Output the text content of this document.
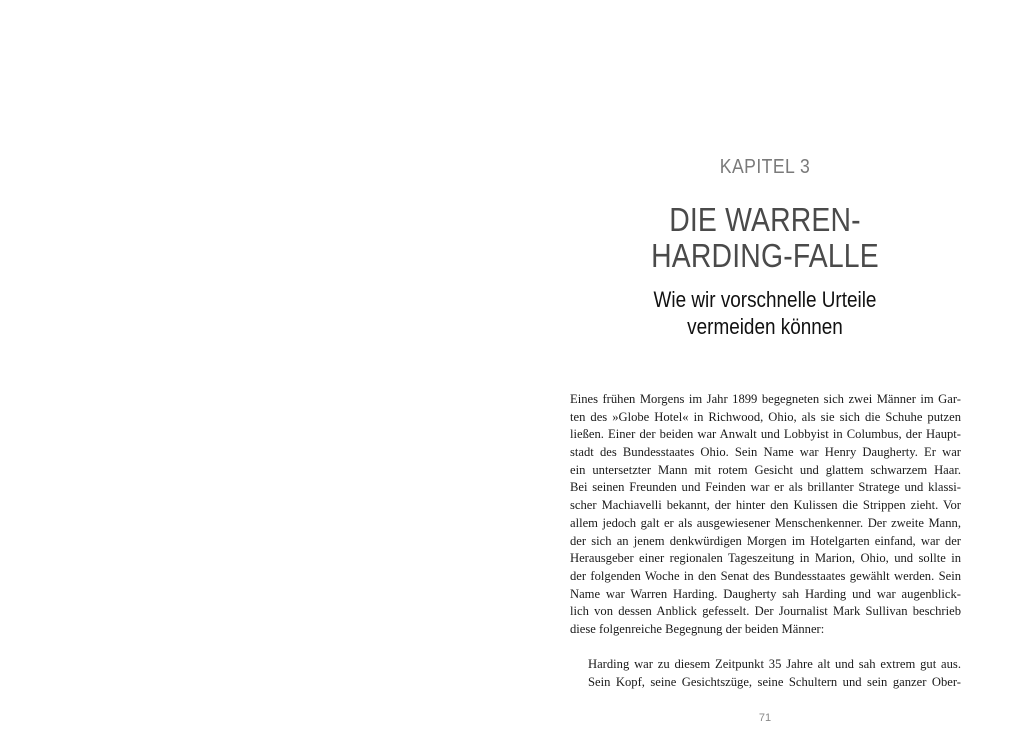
KAPITEL 3
DIE WARREN-
HARDING-FALLE
Wie wir vorschnelle Urteile
vermeiden können
Eines frühen Morgens im Jahr 1899 begegneten sich zwei Männer im Gar-
ten des »Globe Hotel« in Richwood, Ohio, als sie sich die Schuhe putzen
ließen. Einer der beiden war Anwalt und Lobbyist in Columbus, der Haupt-
stadt des Bundesstaates Ohio. Sein Name war Henry Daugherty. Er war
ein untersetzter Mann mit rotem Gesicht und glattem schwarzem Haar.
Bei seinen Freunden und Feinden war er als brillanter Stratege und klassi-
scher Machiavelli bekannt, der hinter den Kulissen die Strippen zieht. Vor
allem jedoch galt er als ausgewiesener Menschenkenner. Der zweite Mann,
der sich an jenem denkwürdigen Morgen im Hotelgarten einfand, war der
Herausgeber einer regionalen Tageszeitung in Marion, Ohio, und sollte in
der folgenden Woche in den Senat des Bundesstaates gewählt werden. Sein
Name war Warren Harding. Daugherty sah Harding und war augenblick-
lich von dessen Anblick gefesselt. Der Journalist Mark Sullivan beschrieb
diese folgenreiche Begegnung der beiden Männer:
Harding war zu diesem Zeitpunkt 35 Jahre alt und sah extrem gut aus.
Sein Kopf, seine Gesichtszüge, seine Schultern und sein ganzer Ober-
71
